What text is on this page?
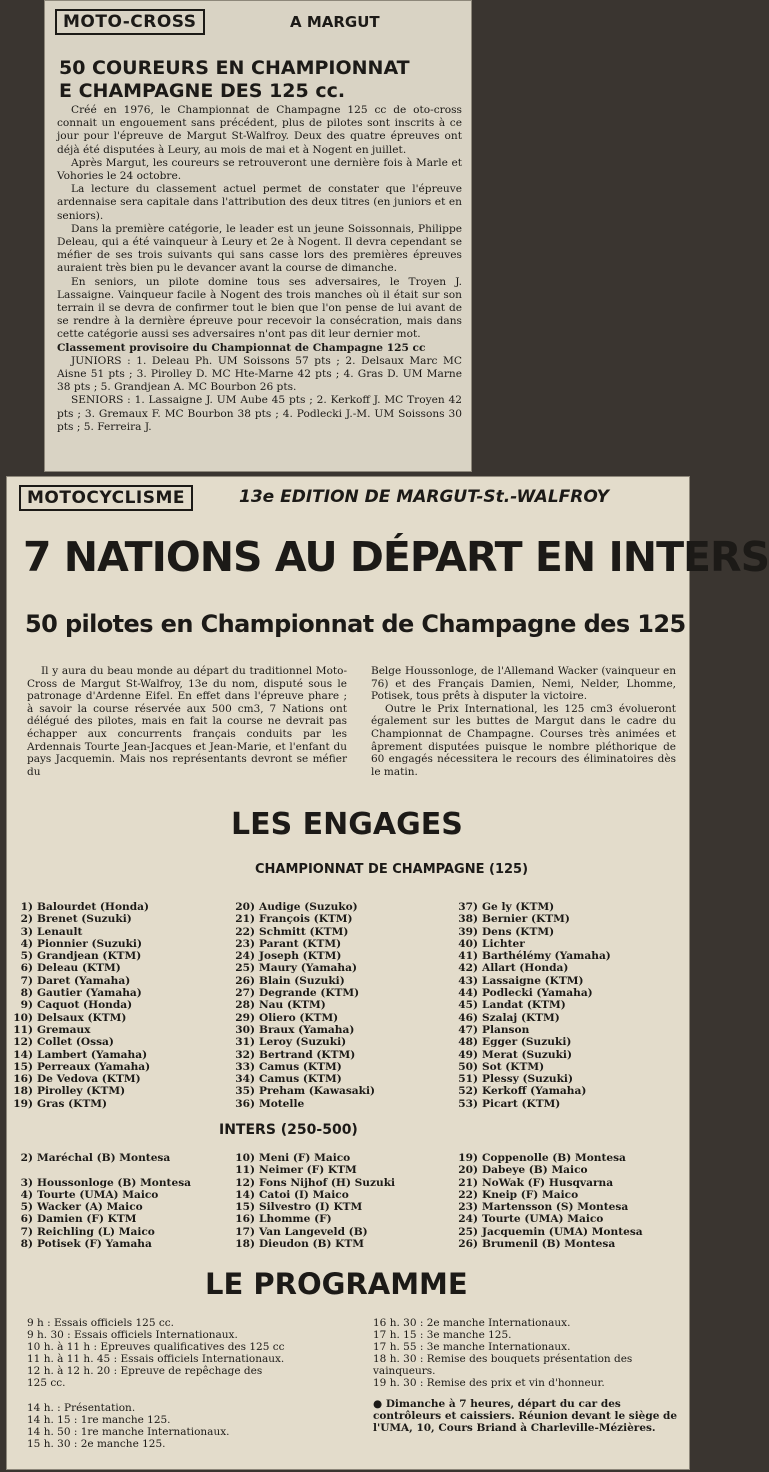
MOTO-CROSS	A MARGUT
50 COUREURS EN CHAMPIONNAT
E CHAMPAGNE DES 125 cc.

Créé en 1976, le Championnat de Champagne 125 cc de oto-cross connait un engouement sans précédent, plus de pilotes sont inscrits à ce jour pour l'épreuve de Margut St-Walfroy. Deux des quatre épreuves ont déjà été disputées à Leury, au mois de mai et à Nogent en juillet.

Après Margut, les coureurs se retrouveront une dernière fois à Marle et Vohories le 24 octobre.

La lecture du classement actuel permet de constater que l'épreuve ardennaise sera capitale dans l'attribution des deux titres (en juniors et en seniors).

Dans la première catégorie, le leader est un jeune Soissonnais, Philippe Deleau, qui a été vainqueur à Leury et 2e à Nogent. Il devra cependant se méfier de ses trois suivants qui sans casse lors des premières épreuves auraient très bien pu le devancer avant la course de dimanche.

En seniors, un pilote domine tous ses adversaires, le Troyen J. Lassaigne. Vainqueur facile à Nogent des trois manches où il était sur son terrain il se devra de confirmer tout le bien que l'on pense de lui avant de se rendre à la dernière épreuve pour recevoir la consécration, mais dans cette catégorie aussi ses adversaires n'ont pas dit leur dernier mot.

Classement provisoire du Championnat de Champagne 125 cc

JUNIORS : 1. Deleau Ph. UM Soissons 57 pts ; 2. Delsaux Marc MC Aisne 51 pts ; 3. Pirolley D. MC Hte-Marne 42 pts ; 4. Gras D. UM Marne 38 pts ; 5. Grandjean A. MC Bourbon 26 pts.

SENIORS : 1. Lassaigne J. UM Aube 45 pts ; 2. Kerkoff J. MC Troyen 42 pts ; 3. Gremaux F. MC Bourbon 38 pts ; 4. Podlecki J.-M. UM Soissons 30 pts ; 5. Ferreira J.

MOTOCYCLISME	13e EDITION DE MARGUT-St.-WALFROY
7 NATIONS AU DÉPART EN INTERS
50 pilotes en Championnat de Champagne des 125

Il y aura du beau monde au départ du traditionnel Moto-Cross de Margut St-Walfroy, 13e du nom, disputé sous le patronage d'Ardenne Eifel. En effet dans l'épreuve phare ; à savoir la course réservée aux 500 cm3, 7 Nations ont délégué des pilotes, mais en fait la course ne devrait pas échapper aux concurrents français conduits par les Ardennais Tourte Jean-Jacques et Jean-Marie, et l'enfant du pays Jacquemin. Mais nos représentants devront se méfier du

Belge Houssonloge, de l'Allemand Wacker (vainqueur en 76) et des Français Damien, Nemi, Nelder, Lhomme, Potisek, tous prêts à disputer la victoire.

Outre le Prix International, les 125 cm3 évolueront également sur les buttes de Margut dans le cadre du Championnat de Champagne. Courses très animées et âprement disputées puisque le nombre pléthorique de 60 engagés nécessitera le recours des éliminatoires dès le matin.

LES ENGAGES
CHAMPIONNAT DE CHAMPAGNE (125)
1) Balourdet (Honda)
2) Brenet (Suzuki)
3) Lenault
4) Pionnier (Suzuki)
5) Grandjean (KTM)
6) Deleau (KTM)
7) Daret (Yamaha)
8) Gautier (Yamaha)
9) Caquot (Honda)
10) Delsaux (KTM)
11) Gremaux
12) Collet (Ossa)
14) Lambert (Yamaha)
15) Perreaux (Yamaha)
16) De Vedova (KTM)
18) Pirolley (KTM)
19) Gras (KTM)
20) Audige (Suzuko)
21) François (KTM)
22) Schmitt (KTM)
23) Parant (KTM)
24) Joseph (KTM)
25) Maury (Yamaha)
26) Blain (Suzuki)
27) Degrande (KTM)
28) Nau (KTM)
29) Oliero (KTM)
30) Braux (Yamaha)
31) Leroy (Suzuki)
32) Bertrand (KTM)
33) Camus (KTM)
34) Camus (KTM)
35) Preham (Kawasaki)
36) Motelle
37) Ge ly (KTM)
38) Bernier (KTM)
39) Dens (KTM)
40) Lichter
41) Barthélémy (Yamaha)
42) Allart (Honda)
43) Lassaigne (KTM)
44) Podlecki (Yamaha)
45) Landat (KTM)
46) Szalaj (KTM)
47) Planson
48) Egger (Suzuki)
49) Merat (Suzuki)
50) Sot (KTM)
51) Plessy (Suzuki)
52) Kerkoff (Yamaha)
53) Picart (KTM)
INTERS (250-500)
2) Maréchal (B) Montesa

3) Houssonloge (B) Montesa
4) Tourte (UMA) Maico
5) Wacker (A) Maico
6) Damien (F) KTM
7) Reichling (L) Maico
8) Potisek (F) Yamaha
10) Meni (F) Maico
11) Neimer (F) KTM
12) Fons Nijhof (H) Suzuki
14) Catoi (I) Maico
15) Silvestro (I) KTM
16) Lhomme (F)
17) Van Langeveld (B)
18) Dieudon (B) KTM
19) Coppenolle (B) Montesa
20) Dabeye (B) Maico
21) NoWak (F) Husqvarna
22) Kneip (F) Maico
23) Martensson (S) Montesa
24) Tourte (UMA) Maico
25) Jacquemin (UMA) Montesa
26) Brumenil (B) Montesa
LE PROGRAMME
9 h : Essais officiels 125 cc.
9 h. 30 : Essais officiels Internationaux.
10 h. à 11 h : Epreuves qualificatives des 125 cc
11 h. à 11 h. 45 : Essais officiels Internationaux.
12 h. à 12 h. 20 : Epreuve de repêchage des
125 cc.

14 h. : Présentation.
14 h. 15 : 1re manche 125.
14 h. 50 : 1re manche Internationaux.
15 h. 30 : 2e manche 125.
16 h. 30 : 2e manche Internationaux.
17 h. 15 : 3e manche 125.
17 h. 55 : 3e manche Internationaux.
18 h. 30 : Remise des bouquets présentation des vainqueurs.
19 h. 30 : Remise des prix et vin d'honneur.
● Dimanche à 7 heures, départ du car des contrôleurs et caissiers. Réunion devant le siège de l'UMA, 10, Cours Briand à Charleville-Mézières.
